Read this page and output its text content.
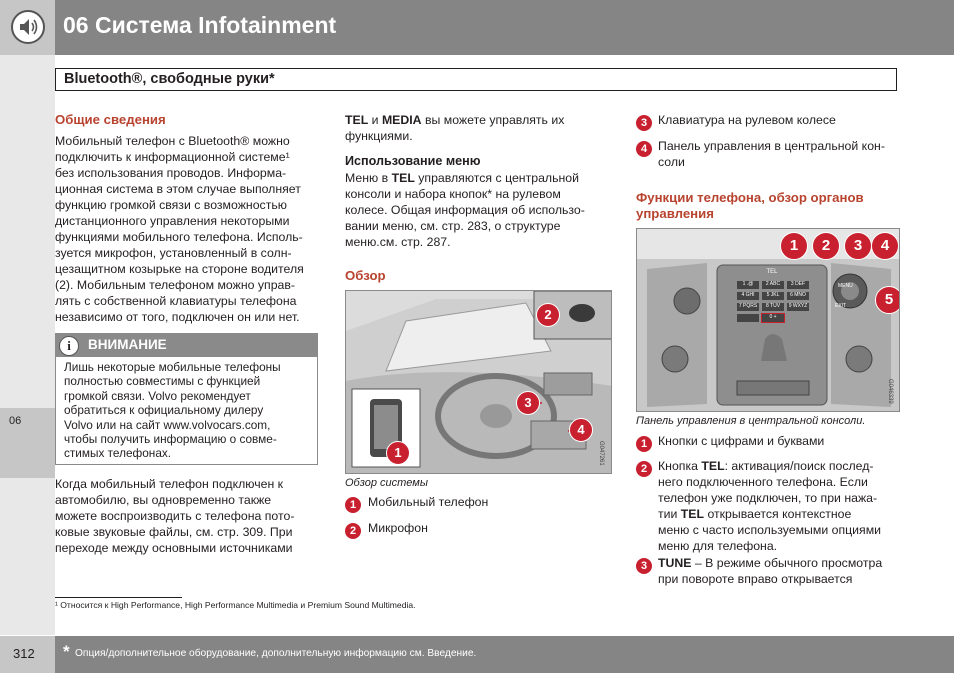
06 Система Infotainment
06
Bluetooth®, свободные руки*
Общие сведения

Мобильный телефон с Bluetooth® можно

подключить к информационной системе¹

без использования проводов. Информа-

ционная система в этом случае выполняет

функцию громкой связи с возможностью

дистанционного управления некоторыми

функциями мобильного телефона. Исполь-

зуется микрофон, установленный в солн-

цезащитном козырьке на стороне водителя

(2). Мобильным телефоном можно управ-

лять с собственной клавиатуры телефона

независимо от того, подключен он или нет.

i	ВНИМАНИЕ
Лишь некоторые мобильные телефоны
полностью совместимы с функцией
громкой связи. Volvo рекомендует
обратиться к официальному дилеру
Volvo или на сайт www.volvocars.com,
чтобы получить информацию о совме-
стимых телефонах.

Когда мобильный телефон подключен к

автомобилю, вы одновременно также

можете воспроизводить с телефона пото-

ковые звуковые файлы, см. стр. 309. При

переходе между основными источниками

TEL и MEDIA вы можете управлять их

функциями.

Использование меню

Меню в TEL управляются с центральной

консоли и набора кнопок* на рулевом

колесе. Общая информация об использо-

вании меню, см. стр. 283, о структуре

меню.см. стр. 287.

Обзор
2
3
4
1	G047261
Обзор системы
1 Мобильный телефон
2 Микрофон
3 Клавиатура на рулевом колесе
4 Панель управления в центральной кон-
соли
Функции телефона, обзор органов
управления
TEL
1 .@	2 ABC	3 DEF
4 GHI	5 JKL	6 MNO
7 PQRS	8 TUV	9 WXYZ
0 +
EXIT
MENU
1	2	3	4
5
G046339
Панель управления в центральной консоли.
1 Кнопки с цифрами и буквами
2 Кнопка TEL: активация/поиск послед-
него подключенного телефона. Если
телефон уже подключен, то при нажа-
тии TEL открывается контекстное
меню с часто используемыми опциями
меню для телефона.
3 TUNE – В режиме обычного просмотра
при повороте вправо открывается
¹ Относится к High Performance, High Performance Multimedia и Premium Sound Multimedia.
312 * Опция/дополнительное оборудование, дополнительную информацию см. Введение.
